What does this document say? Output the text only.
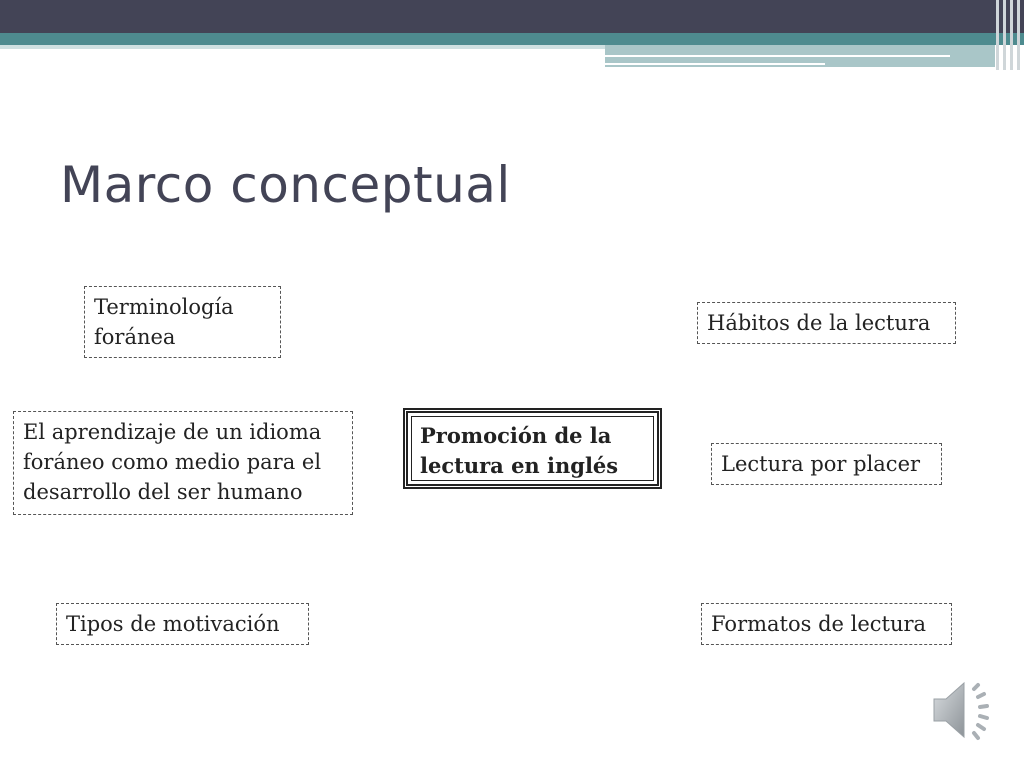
Marco conceptual
Terminología foránea
El aprendizaje de un idioma foráneo como medio para el desarrollo del ser humano
Tipos de motivación
Promoción de la lectura en inglés
Hábitos de la lectura
Lectura por placer
Formatos de lectura
